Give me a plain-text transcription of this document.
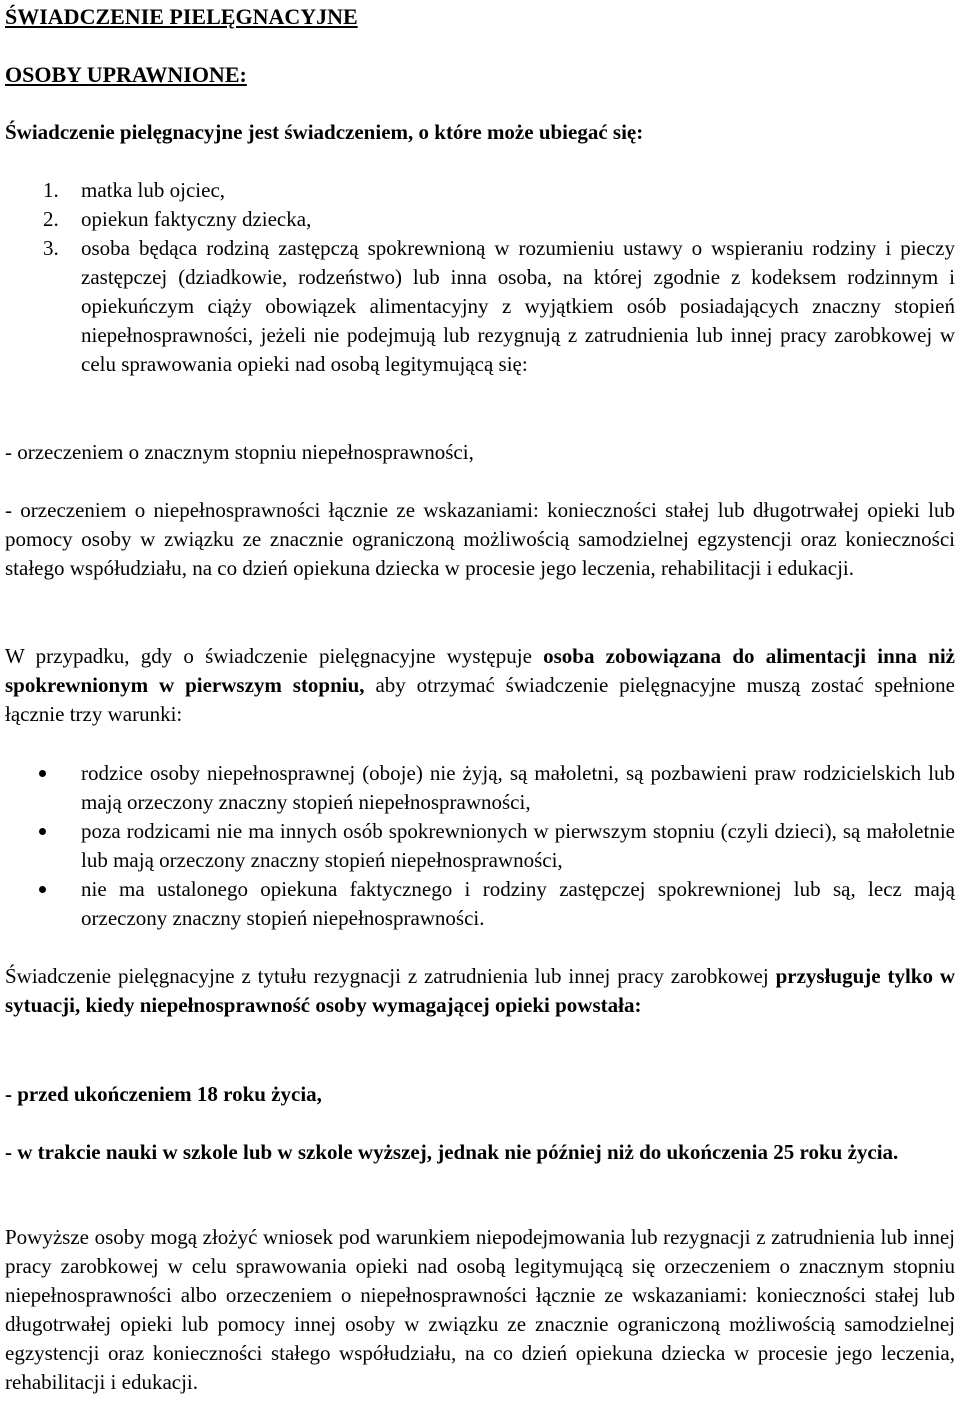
ŚWIADCZENIE PIELĘGNACYJNE
OSOBY UPRAWNIONE:
Świadczenie pielęgnacyjne jest świadczeniem, o które może ubiegać się:
1. matka lub ojciec,
2. opiekun faktyczny dziecka,
3. osoba będąca rodziną zastępczą spokrewnioną w rozumieniu ustawy o wspieraniu rodziny i pieczy zastępczej (dziadkowie, rodzeństwo) lub inna osoba, na której zgodnie z kodeksem rodzinnym i opiekuńczym ciąży obowiązek alimentacyjny z wyjątkiem osób posiadających znaczny stopień niepełnosprawności, jeżeli nie podejmują lub rezygnują z zatrudnienia lub innej pracy zarobkowej w celu sprawowania opieki nad osobą legitymującą się:
- orzeczeniem o znacznym stopniu niepełnosprawności,
- orzeczeniem o niepełnosprawności łącznie ze wskazaniami: konieczności stałej lub długotrwałej opieki lub pomocy osoby w związku ze znacznie ograniczoną możliwością samodzielnej egzystencji oraz konieczności stałego współudziału, na co dzień opiekuna dziecka w procesie jego leczenia, rehabilitacji i edukacji.
W przypadku, gdy o świadczenie pielęgnacyjne występuje osoba zobowiązana do alimentacji inna niż spokrewnionym w pierwszym stopniu, aby otrzymać świadczenie pielęgnacyjne muszą zostać spełnione łącznie trzy warunki:
rodzice osoby niepełnosprawnej (oboje) nie żyją, są małoletni, są pozbawieni praw rodzicielskich lub mają orzeczony znaczny stopień niepełnosprawności,
poza rodzicami nie ma innych osób spokrewnionych w pierwszym stopniu (czyli dzieci), są małoletnie lub mają orzeczony znaczny stopień niepełnosprawności,
nie ma ustalonego opiekuna faktycznego i rodziny zastępczej spokrewnionej lub są, lecz mają orzeczony znaczny stopień niepełnosprawności.
Świadczenie pielęgnacyjne z tytułu rezygnacji z zatrudnienia lub innej pracy zarobkowej przysługuje tylko w sytuacji, kiedy niepełnosprawność osoby wymagającej opieki powstała:
- przed ukończeniem 18 roku życia,
- w trakcie nauki w szkole lub w szkole wyższej, jednak nie później niż do ukończenia 25 roku życia.
Powyższe osoby mogą złożyć wniosek pod warunkiem niepodejmowania lub rezygnacji z zatrudnienia lub innej pracy zarobkowej w celu sprawowania opieki nad osobą legitymującą się orzeczeniem o znacznym stopniu niepełnosprawności albo orzeczeniem o niepełnosprawności łącznie ze wskazaniami: konieczności stałej lub długotrwałej opieki lub pomocy innej osoby w związku ze znacznie ograniczoną możliwością samodzielnej egzystencji oraz konieczności stałego współudziału, na co dzień opiekuna dziecka w procesie jego leczenia, rehabilitacji i edukacji.
